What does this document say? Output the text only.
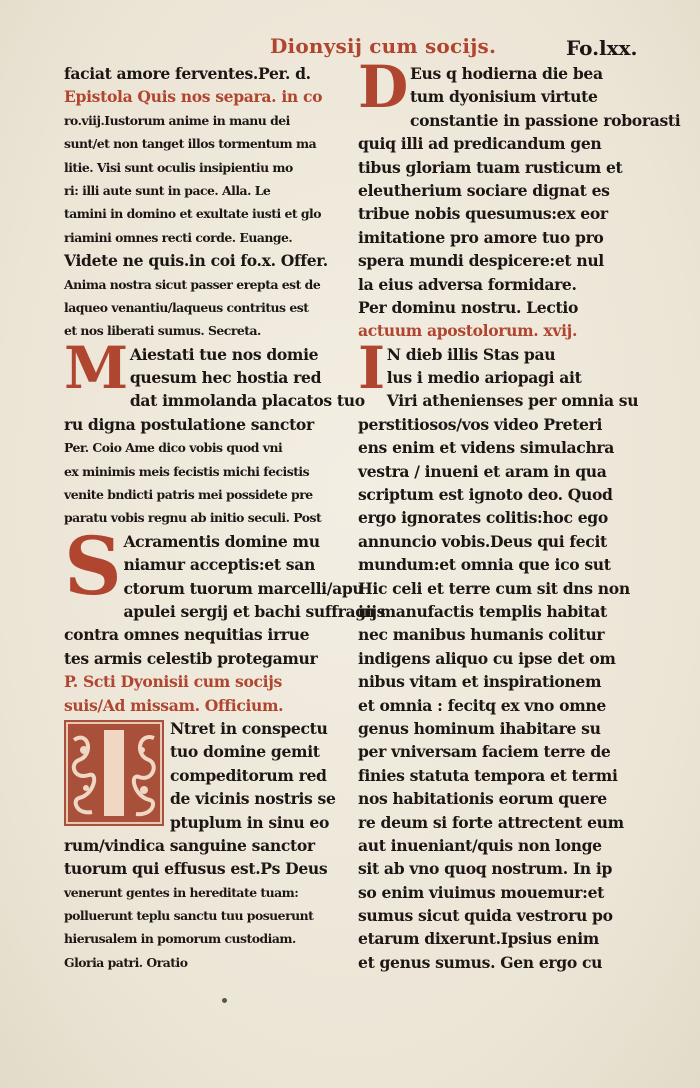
Dionysij cum socijs.	Fo.lxx.
faciat amore ferventes.Per. d.
Epistola Quis nos separa. in co
ro.viij.Iustorum anime in manu dei
sunt/et non tanget illos tormentum ma
litie. Visi sunt oculis insipientiu mo
ri: illi aute sunt in pace. Alla. Le
tamini in domino et exultate iusti et glo
riamini omnes recti corde. Euange.
Videte ne quis.in coi fo.x. Offer.
Anima nostra sicut passer erepta est de
laqueo venantiu/laqueus contritus est
et nos liberati sumus. Secreta.
M Aiestati tue nos domie
quesum hec hostia red
dat immolanda placatos tuo
ru digna postulatione sanctor
Per. Coio Ame dico vobis quod vni
ex minimis meis fecistis michi fecistis
venite bndicti patris mei possidete pre
paratu vobis regnu ab initio seculi. Post
S Acramentis domine mu
niamur acceptis:et san
ctorum tuorum marcelli/apu
apulei sergij et bachi suffragijs
contra omnes nequitias irrue
tes armis celestib protegamur
P. Scti Dyonisii cum socijs
suis/Ad missam. Officium.
Ntret in conspectu
tuo domine gemit
compeditorum red
de vicinis nostris se
ptuplum in sinu eo
rum/vindica sanguine sanctor
tuorum qui effusus est.Ps Deus
venerunt gentes in hereditate tuam:
polluerunt teplu sanctu tuu posuerunt
hierusalem in pomorum custodiam.
Gloria patri. Oratio
D Eus q hodierna die bea
tum dyonisium virtute
constantie in passione roborasti
quiq illi ad predicandum gen
tibus gloriam tuam rusticum et
eleutherium sociare dignat es
tribue nobis quesumus:ex eor
imitatione pro amore tuo pro
spera mundi despicere:et nul
la eius adversa formidare.
Per dominu nostru. Lectio
actuum apostolorum. xvij.
I N dieb illis Stas pau
lus i medio ariopagi ait
Viri athenienses per omnia su
perstitiosos/vos video Preteri
ens enim et videns simulachra
vestra / inueni et aram in qua
scriptum est ignoto deo. Quod
ergo ignorates colitis:hoc ego
annuncio vobis.Deus qui fecit
mundum:et omnia que ico sut
Hic celi et terre cum sit dns non
in manufactis templis habitat
nec manibus humanis colitur
indigens aliquo cu ipse det om
nibus vitam et inspirationem
et omnia : fecitq ex vno omne
genus hominum ihabitare su
per vniversam faciem terre de
finies statuta tempora et termi
nos habitationis eorum quere
re deum si forte attrectent eum
aut inueniant/quis non longe
sit ab vno quoq nostrum. In ip
so enim viuimus mouemur:et
sumus sicut quida vestroru po
etarum dixerunt.Ipsius enim
et genus sumus. Gen ergo cu
